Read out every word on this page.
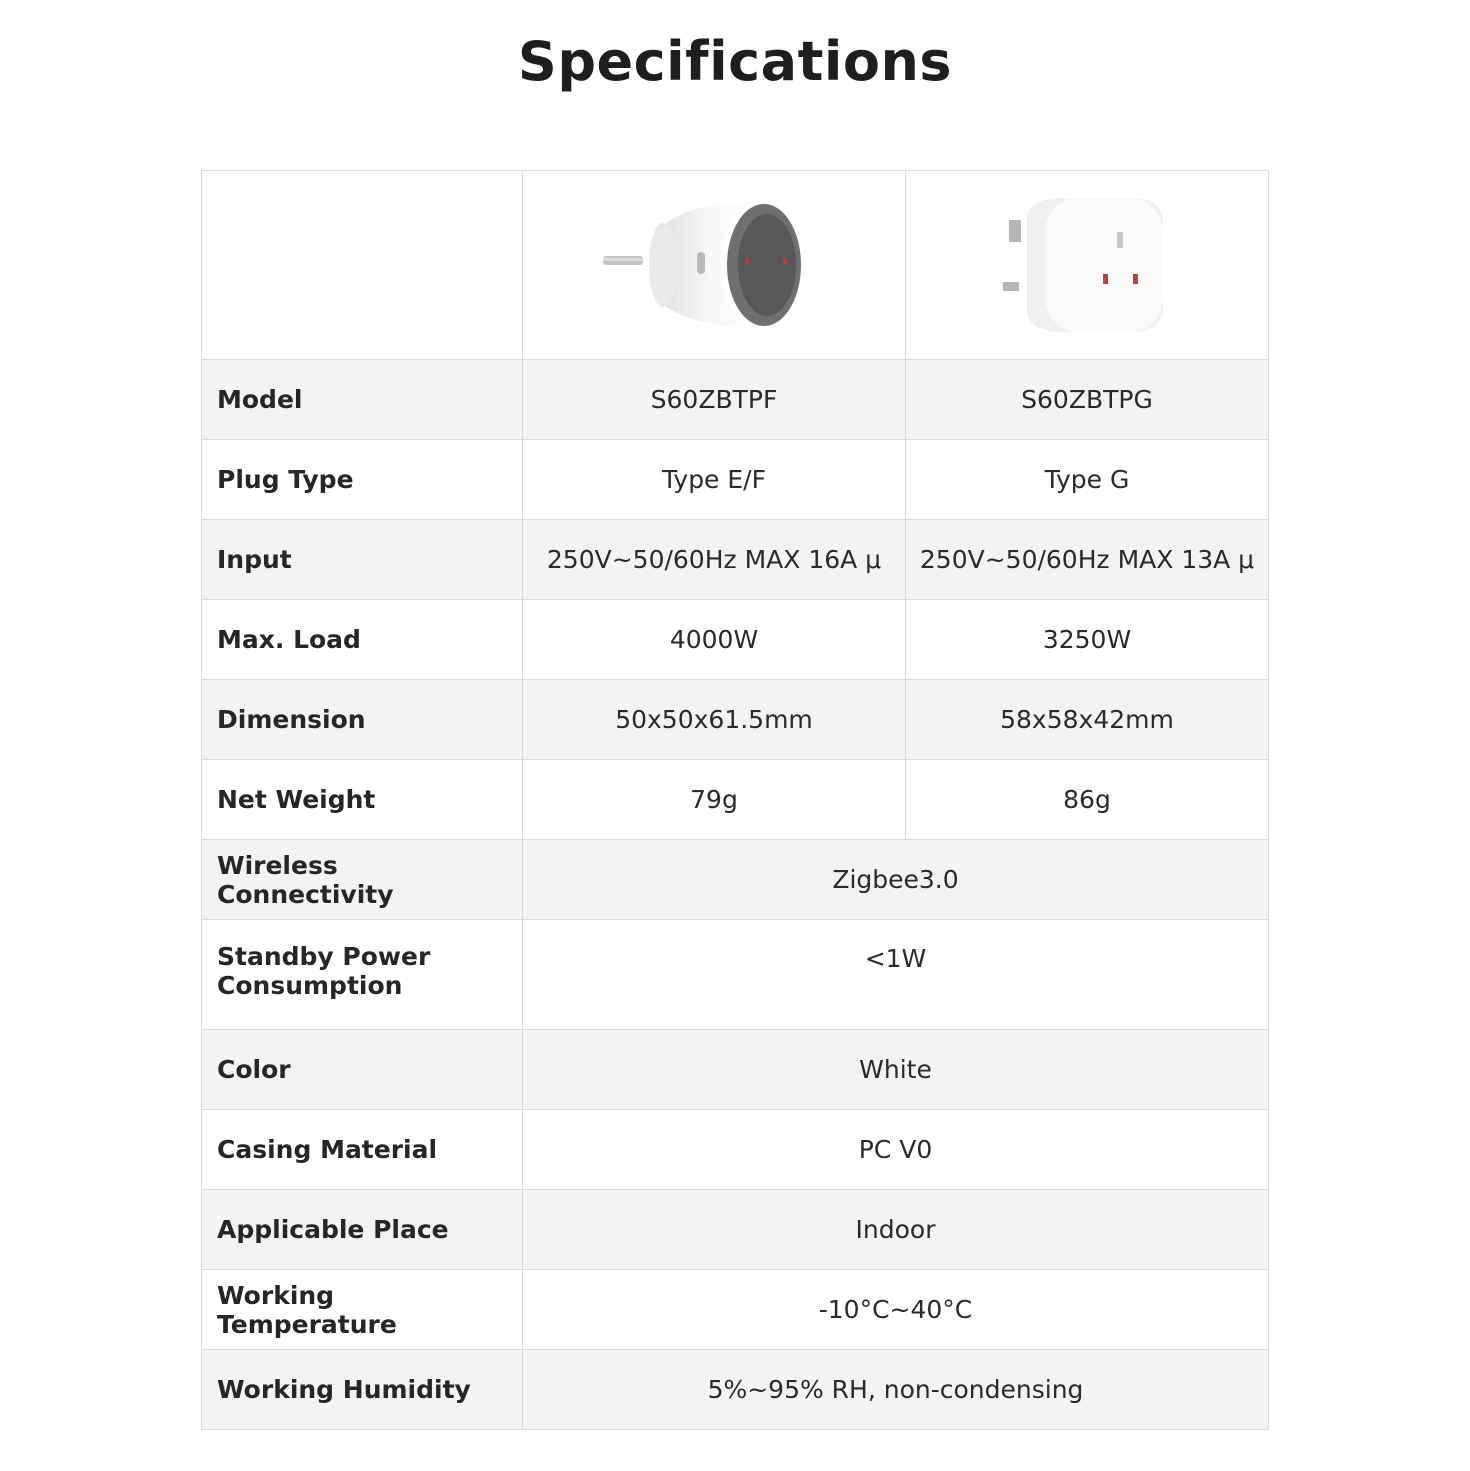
Specifications

Model	S60ZBTPF	S60ZBTPG
Plug Type	Type E/F	Type G
Input	250V~50/60Hz MAX 16A μ	250V~50/60Hz MAX 13A μ
Max. Load	4000W	3250W
Dimension	50x50x61.5mm	58x58x42mm
Net Weight	79g	86g
Wireless Connectivity	Zigbee3.0	
Standby Power Consumption	<1W	
Color	White	
Casing Material	PC V0	
Applicable Place	Indoor	
Working Temperature	-10°C~40°C	
Working Humidity	5%~95% RH, non-condensing	
